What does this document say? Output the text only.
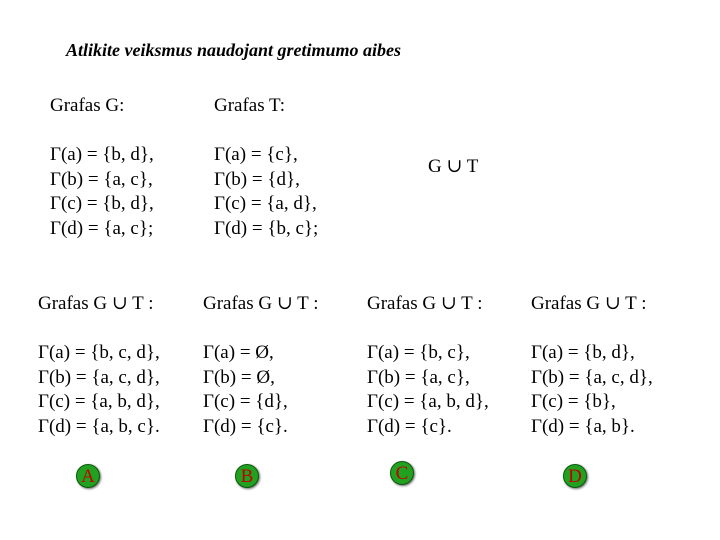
Atlikite veiksmus naudojant gretimumo aibes
Grafas G:
Γ(a) = {b, d},
Γ(b) = {a, c},
Γ(c) = {b, d},
Γ(d) = {a, c};
Grafas T:
Γ(a) = {c},
Γ(b) = {d},
Γ(c) = {a, d},
Γ(d) = {b, c};
G ∪ T
Grafas G ∪ T :
Γ(a) = {b, c, d},
Γ(b) = {a, c, d},
Γ(c) = {a, b, d},
Γ(d) = {a, b, c}.
A
Grafas G ∪ T :
Γ(a) = Ø,
Γ(b) = Ø,
Γ(c) = {d},
Γ(d) = {c}.
B
Grafas G ∪ T :
Γ(a) = {b, c},
Γ(b) = {a, c},
Γ(c) = {a, b, d},
Γ(d) = {c}.
C
Grafas G ∪ T :
Γ(a) = {b, d},
Γ(b) = {a, c, d},
Γ(c) = {b},
Γ(d) = {a, b}.
D
